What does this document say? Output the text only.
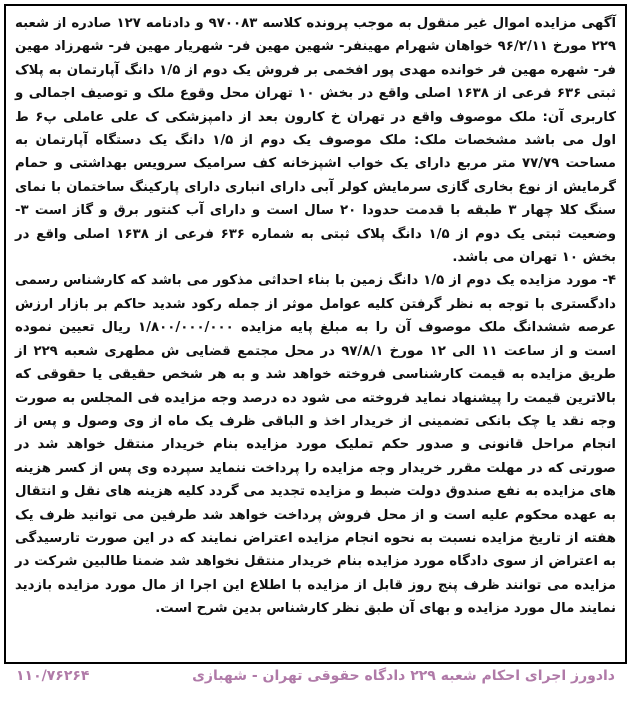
آگهی مزایده اموال غیر منقول به موجب پرونده کلاسه ۹۷۰۰۸۳ و دادنامه ۱۲۷ صادره از شعبه ۲۲۹ مورخ ۹۶/۲/۱۱ خواهان شهرام مهینفر- شهین مهین فر- شهریار مهین فر- شهرزاد مهین فر- شهره مهین فر خوانده مهدی پور افخمی بر فروش یک دوم از ۱/۵ دانگ آپارتمان به پلاک ثبتی ۶۳۶ فرعی از ۱۶۳۸ اصلی واقع در بخش ۱۰ تهران محل وقوع ملک و توصیف اجمالی و کاربری آن: ملک موصوف واقع در تهران خ کارون بعد از دامپزشکی ک علی عاملی پ۶ ط اول می باشد مشخصات ملک: ملک موصوف یک دوم از ۱/۵ دانگ یک دستگاه آپارتمان به مساحت ۷۷/۷۹ متر مربع دارای یک خواب اشپزخانه کف سرامیک سرویس بهداشتی و حمام گرمایش از نوع بخاری گازی سرمایش کولر آبی دارای انباری دارای پارکینگ ساختمان با نمای سنگ کلا چهار ۳ طبقه با قدمت حدودا ۲۰ سال است و دارای آب کنتور برق و گاز است ۳- وضعیت ثبتی یک دوم از ۱/۵ دانگ پلاک ثبتی به شماره ۶۳۶ فرعی از ۱۶۳۸ اصلی واقع در بخش ۱۰ تهران می باشد.

۴- مورد مزایده یک دوم از ۱/۵ دانگ زمین با بناء احداثی مذکور می باشد که کارشناس رسمی دادگستری با توجه به نظر گرفتن کلیه عوامل موثر از جمله رکود شدید حاکم بر بازار ارزش عرصه ششدانگ ملک موصوف آن را به مبلغ پایه مزایده ۱/۸۰۰/۰۰۰/۰۰۰ ریال تعیین نموده است و از ساعت ۱۱ الی ۱۲ مورخ ۹۷/۸/۱ در محل مجتمع قضایی ش مطهری شعبه ۲۲۹ از طریق مزایده به قیمت کارشناسی فروخته خواهد شد و به هر شخص حقیقی یا حقوقی که بالاترین قیمت را پیشنهاد نماید فروخته می شود ده درصد وجه مزایده فی المجلس به صورت وجه نقد یا چک بانکی تضمینی از خریدار اخذ و الباقی ظرف یک ماه از وی وصول و پس از انجام مراحل قانونی و صدور حکم تملیک مورد مزایده بنام خریدار منتقل خواهد شد در صورتی که در مهلت مقرر خریدار وجه مزایده را پرداخت ننماید سپرده وی پس از کسر هزینه های مزایده به نفع صندوق دولت ضبط و مزایده تجدید می گردد کلیه هزینه های نقل و انتقال به عهده محکوم علیه است و از محل فروش پرداخت خواهد شد طرفین می توانید ظرف یک هفته از تاریخ مزایده نسبت به نحوه انجام مزایده اعتراض نمایند که در این صورت تارسیدگی به اعتراض از سوی دادگاه مورد مزایده بنام خریدار منتقل نخواهد شد ضمنا طالبین شرکت در مزایده می توانند ظرف پنج روز قابل از مزایده با اطلاع این اجرا از مال مورد مزایده بازدید نمایند مال مورد مزایده و بهای آن طبق نظر کارشناس بدین شرح است.

دادورز اجرای احکام شعبه ۲۲۹ دادگاه حقوقی تهران - شهبازی
۱۱۰/۷۶۲۶۴
